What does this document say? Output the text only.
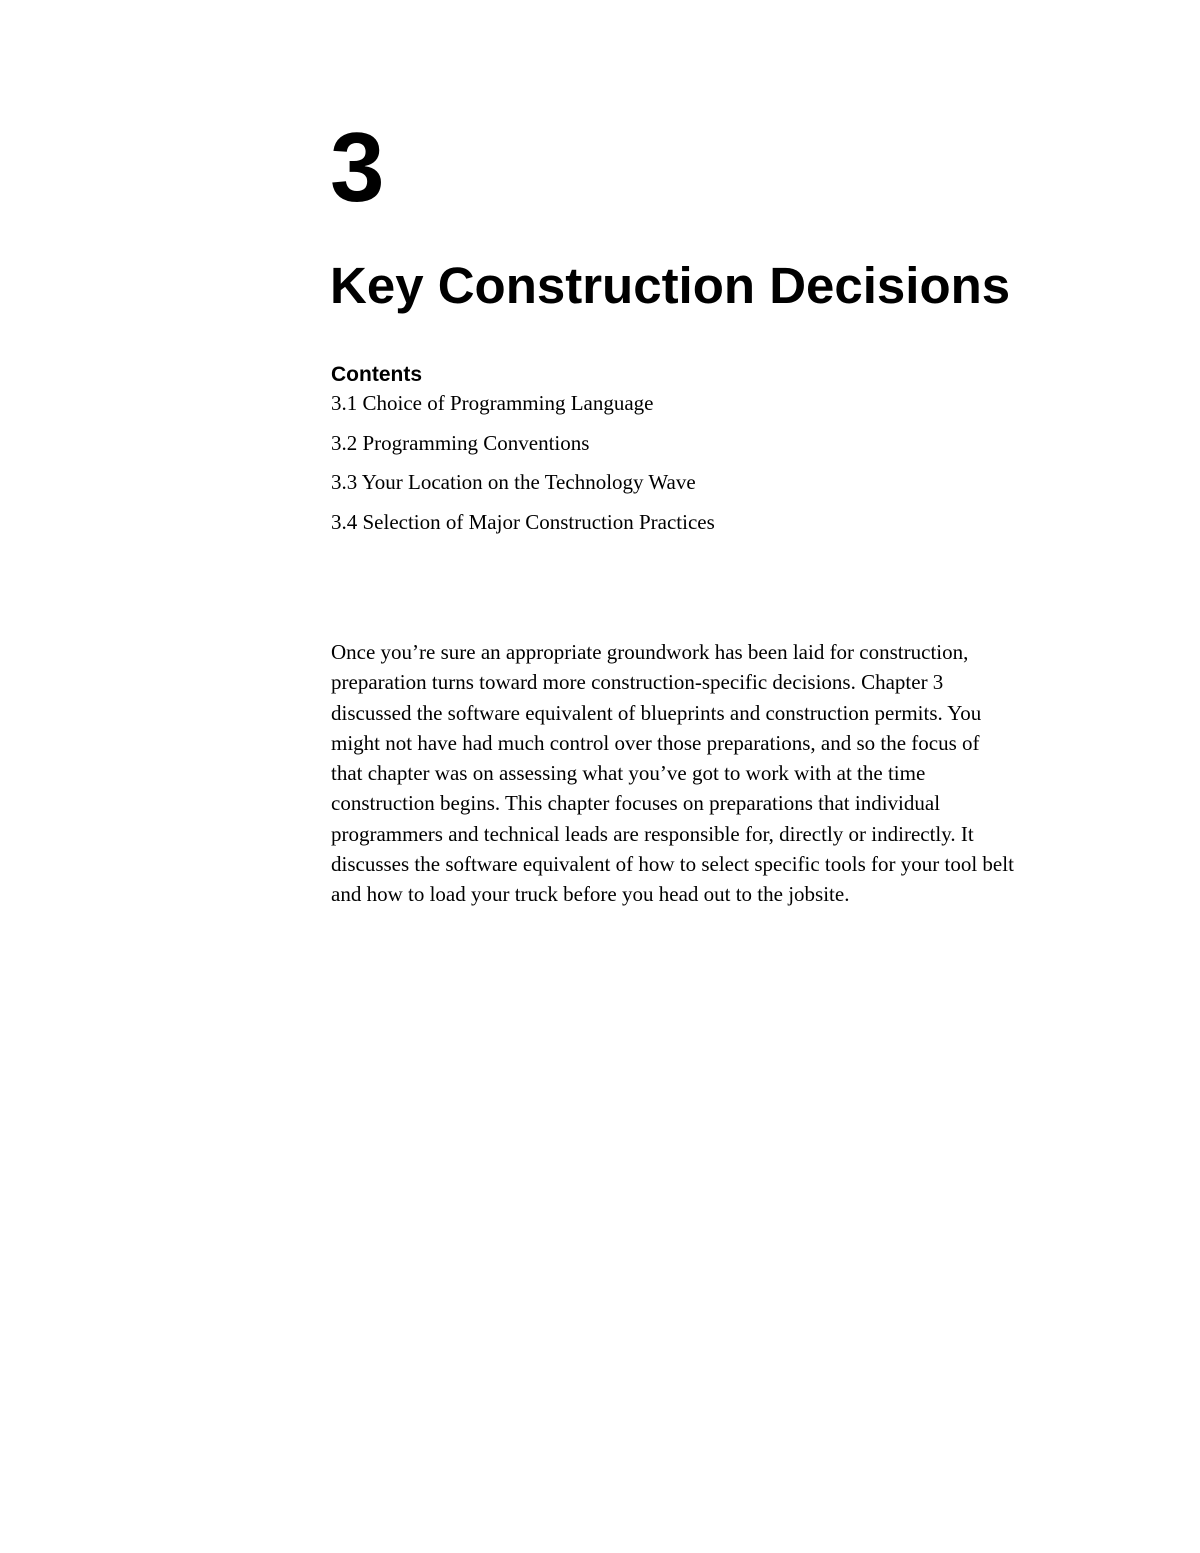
3
Key Construction Decisions
Contents
3.1 Choice of Programming Language
3.2 Programming Conventions
3.3 Your Location on the Technology Wave
3.4 Selection of Major Construction Practices

Once you’re sure an appropriate groundwork has been laid for construction,
preparation turns toward more construction-specific decisions. Chapter 3
discussed the software equivalent of blueprints and construction permits. You
might not have had much control over those preparations, and so the focus of
that chapter was on assessing what you’ve got to work with at the time
construction begins. This chapter focuses on preparations that individual
programmers and technical leads are responsible for, directly or indirectly. It
discusses the software equivalent of how to select specific tools for your tool belt
and how to load your truck before you head out to the jobsite.
